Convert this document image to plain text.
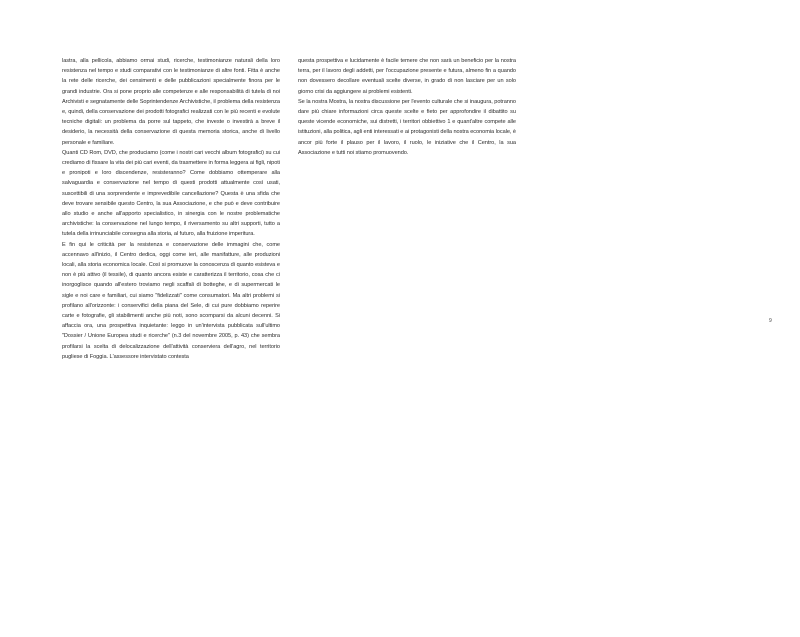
lastra, alla pellicola, abbiamo ormai studi, ricerche, testimonianze naturali della loro resistenza nel tempo e studi comparativi con le testimonianze di altre fonti. Fitta è anche la rete delle ricerche, dei censimenti e delle pubblicazioni specialmente finora per le grandi industrie. Ora si pone proprio alle competenze e alle responsabilità di tutela di noi Archivisti e segnatamente delle Soprintendenze Archivistiche, il problema della resistenza e, quindi, della conservazione dei prodotti fotografici realizzati con le più recenti e evolute tecniche digitali: un problema da porre sul tappeto, che investe o investirà a breve il desiderio, la necessità della conservazione di questa memoria storica, anche di livello personale e familiare.

Quanti CD Rom, DVD, che produciamo (come i nostri cari vecchi album fotografici) su cui crediamo di fissare la vita dei più cari eventi, da trasmettere in forma leggera ai figli, nipoti e pronipoti e loro discendenze, resisteranno? Come dobbiamo ottemperare alla salvaguardia e conservazione nel tempo di questi prodotti attualmente così usati, suscettibili di una sorprendente e imprevedibile cancellazione? Questa è una sfida che deve trovare sensibile questo Centro, la sua Associazione, e che può e deve contribuire allo studio e anche all'apporto specialistico, in sinergia con le nostre problematiche archivistiche: la conservazione nel lungo tempo, il riversamento su altri supporti, tutto a tutela della irrinunciabile consegna alla storia, al futuro, alla fruizione imperitura.

E fin qui le criticità per la resistenza e conservazione delle immagini che, come accennavo all'inizio, il Centro dedica, oggi come ieri, alle manifatture, alle produzioni locali, alla storia economica locale. Così si promuove la conoscenza di quanto esisteva e non è più attivo (il tessile), di quanto ancora esiste e caratterizza il territorio, cosa che ci inorgoglisce quando all'estero troviamo negli scaffali di botteghe, e di supermercati le sigle e noi care e familiari, cui siamo "fidelizzati" come consumatori. Ma altri problemi si profilano all'orizzonte: i conservifici della piana del Sele, di cui pure dobbiamo reperire carte e fotografie, gli stabilimenti anche più noti, sono scomparsi da alcuni decenni. Si affaccia ora, una prospettiva inquietante: leggo in un'intervista pubblicata sull'ultimo "Dossier / Unione Europea studi e ricerche" (n.3 del novembre 2005, p. 43) che sembra profilarsi la scelta di delocalizzazione dell'attività conserviera dell'agro, nel territorio pugliese di Foggia. L'assessore intervistato contesta

questa prospettiva e lucidamente è facile temere che non sarà un beneficio per la nostra terra, per il lavoro degli addetti, per l'occupazione presente e futura, almeno fin a quando non dovessero decollare eventuali scelte diverse, in grado di non lasciare per un solo giorno crisi da aggiungere ai problemi esistenti.

Se la nostra Mostra, la nostra discussione per l'evento culturale che si inaugura, potranno dare più chiare informazioni circa queste scelte e fieto per approfondire il dibattito su queste vicende economiche, sui distretti, i territori obbiettivo 1 e quant'altre compete alle istituzioni, alla politica, agli enti interessati e ai protagonisti della nostra economia locale, è ancor più forte il plauso per il lavoro, il ruolo, le iniziative che il Centro, la sua Associazione e tutti noi stiamo promuovendo.

9
